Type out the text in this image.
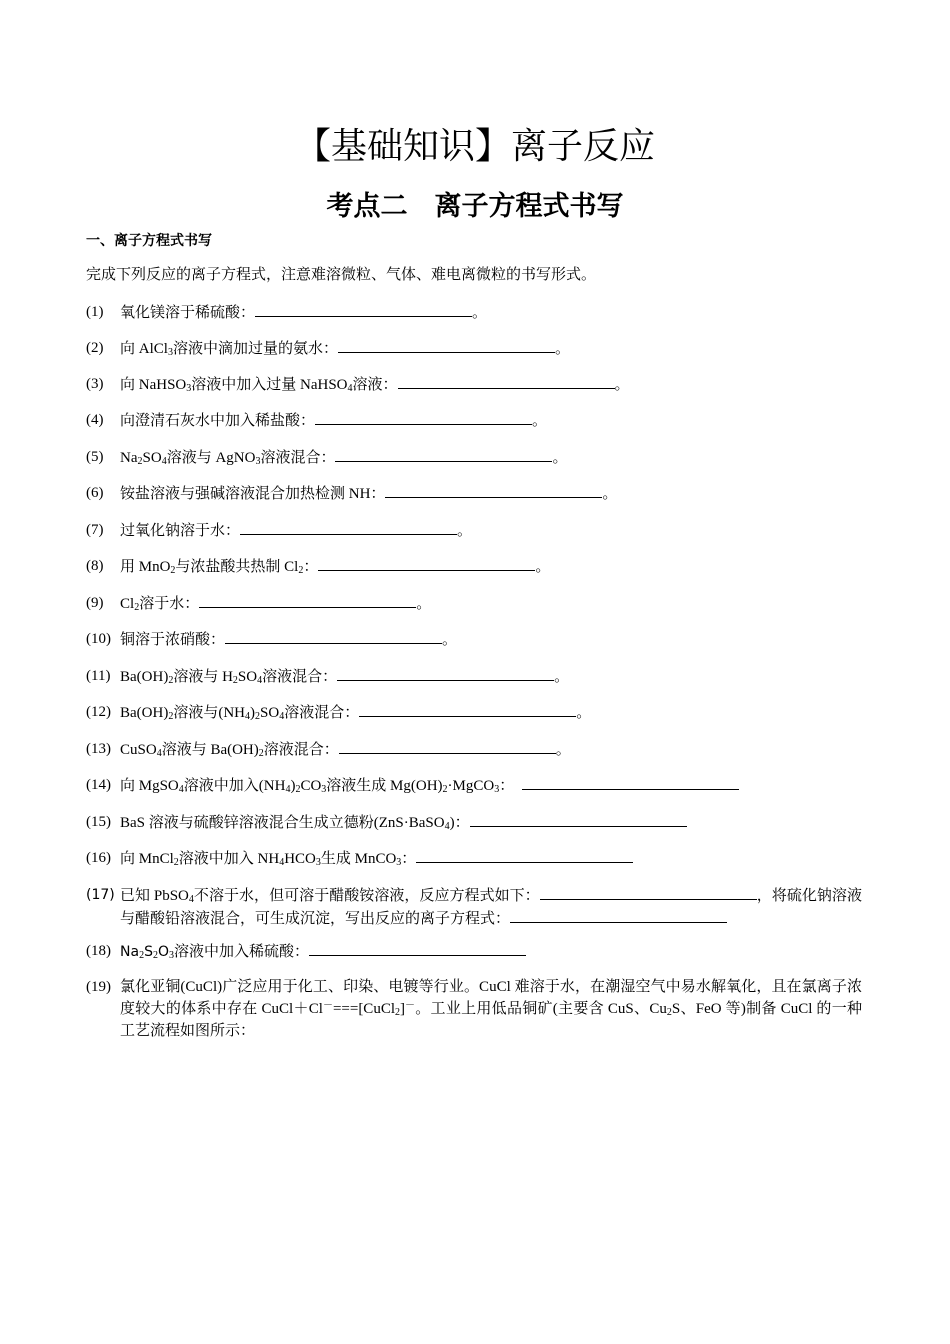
【基础知识】离子反应
考点二　离子方程式书写
一、离子方程式书写
完成下列反应的离子方程式，注意难溶微粒、气体、难电离微粒的书写形式。
(1) 氧化镁溶于稀硫酸：	。
(2) 向 AlCl$_3$溶液中滴加过量的氨水：	。
(3) 向 NaHSO$_3$溶液中加入过量 NaHSO$_4$溶液：	。
(4) 向澄清石灰水中加入稀盐酸：	。
(5) $Na_2SO_4$溶液与 AgNO$_3$溶液混合：	。
(6) 铵盐溶液与强碱溶液混合加热检测 NH：	。
(7) 过氧化钠溶于水：	。
(8) 用 MnO$_2$与浓盐酸共热制 $Cl_2$：	。
(9) $Cl_2$溶于水：	。
(10) 铜溶于浓硝酸：	。
(11) $Ba(OH)_2$溶液与 $H_2SO_4$溶液混合：	。
(12) $Ba(OH)_2$溶液与$(NH_4)_2SO_4$溶液混合：	。
(13) CuSO$_4$溶液与 $Ba(OH)_2$溶液混合：	。
(14) 向 MgSO$_4$溶液中加入$(NH_4)_2CO_3$溶液生成 $Mg(OH)_2\cdot MgCO_3$：
(15) BaS 溶液与硫酸锌溶液混合生成立德粉(ZnS·BaSO$_4$)：
(16) 向 MnCl$_2$溶液中加入 $NH_4HCO_3$生成 MnCO$_3$：
(17) 已知 PbSO$_4$不溶于水，但可溶于醋酸铵溶液，反应方程式如下：	，将硫化钠溶液与醋酸铅溶液混合，可生成沉淀，写出反应的离子方程式：
(18) $Na_2S_2O_3$溶液中加入稀硫酸：
(19) 氯化亚铜(CuCl)广泛应用于化工、印染、电镀等行业。CuCl 难溶于水，在潮湿空气中易水解氧化，且在氯离子浓度较大的体系中存在 CuCl＋Cl－===[CuCl$_2$]－。工业上用低品铜矿(主要含 CuS、$Cu_2S$、FeO 等)制备 CuCl 的一种工艺流程如图所示：
